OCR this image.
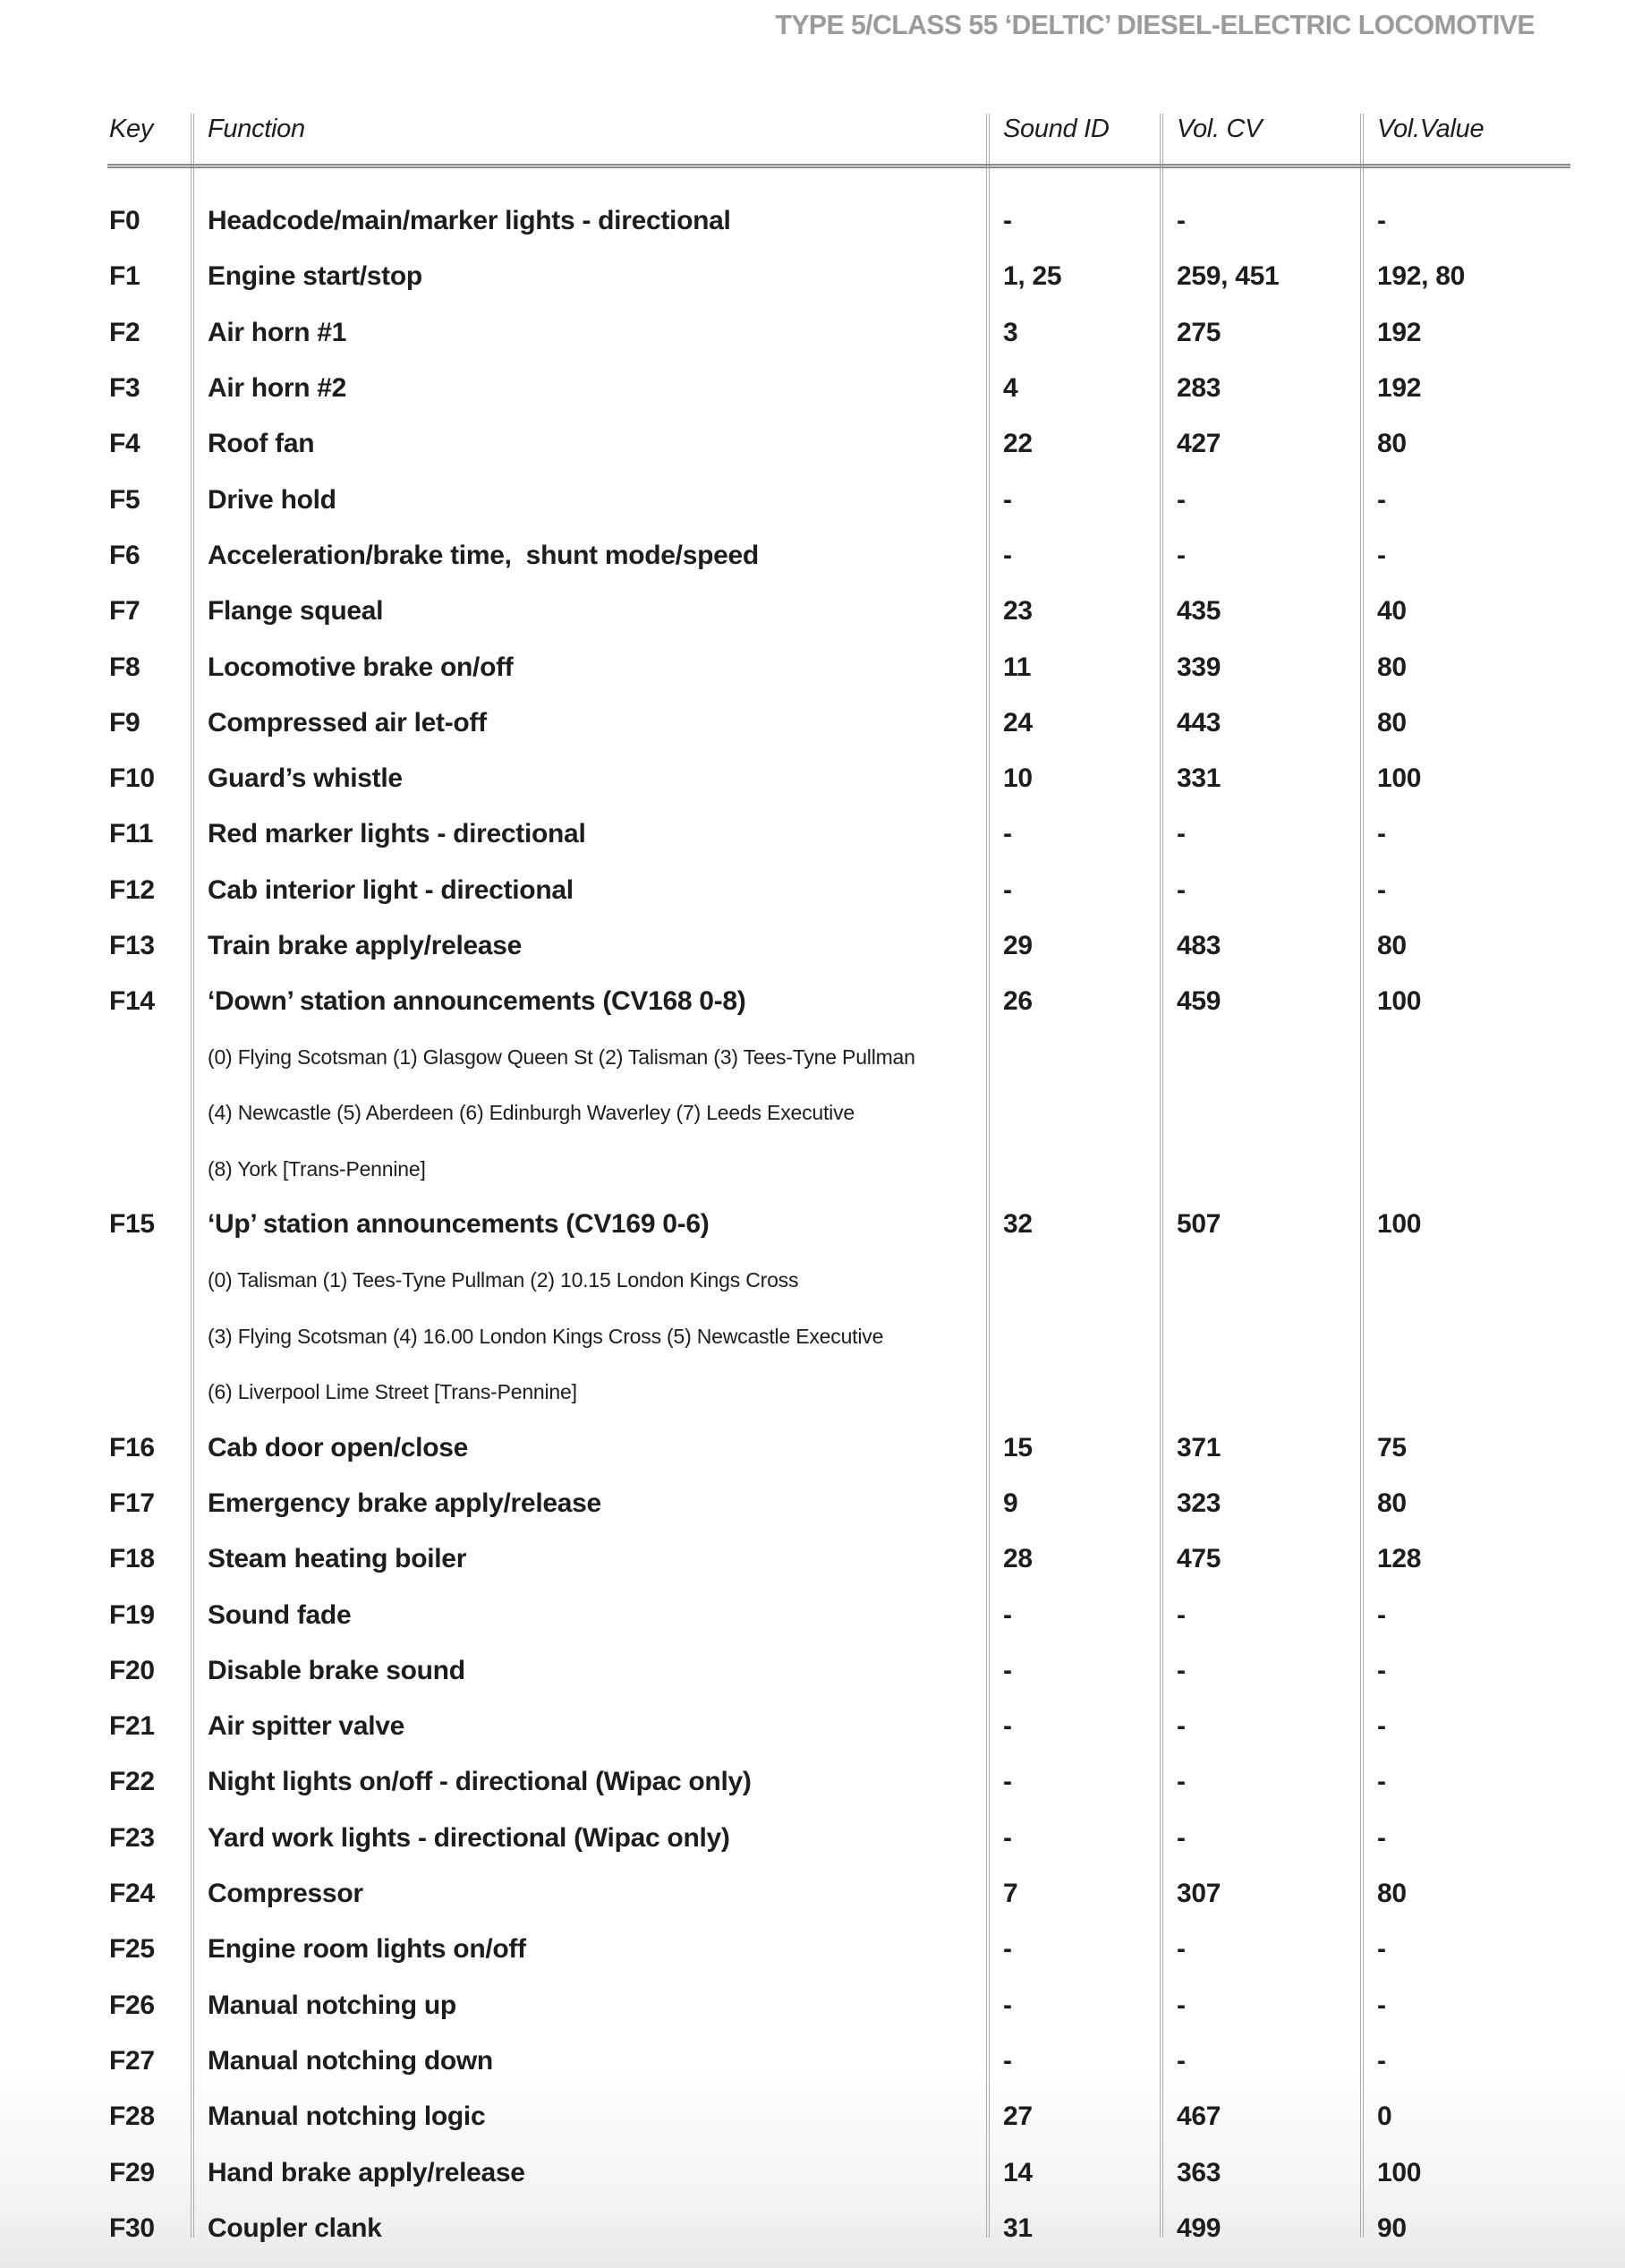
TYPE 5/CLASS 55 ‘DELTIC’ DIESEL-ELECTRIC LOCOMOTIVE
Key	Function	Sound ID	Vol. CV	Vol.Value
F0	Headcode/main/marker lights - directional	-	-	-
F1	Engine start/stop	1, 25	259, 451	192, 80
F2	Air horn #1	3	275	192
F3	Air horn #2	4	283	192
F4	Roof fan	22	427	80
F5	Drive hold	-	-	-
F6	Acceleration/brake time,  shunt mode/speed	-	-	-
F7	Flange squeal	23	435	40
F8	Locomotive brake on/off	11	339	80
F9	Compressed air let-off	24	443	80
F10	Guard’s whistle	10	331	100
F11	Red marker lights - directional	-	-	-
F12	Cab interior light - directional	-	-	-
F13	Train brake apply/release	29	483	80
F14	‘Down’ station announcements (CV168 0-8)	26	459	100
(0) Flying Scotsman (1) Glasgow Queen St (2) Talisman (3) Tees-Tyne Pullman
(4) Newcastle (5) Aberdeen (6) Edinburgh Waverley (7) Leeds Executive
(8) York [Trans-Pennine]
F15	‘Up’ station announcements (CV169 0-6)	32	507	100
(0) Talisman (1) Tees-Tyne Pullman (2) 10.15 London Kings Cross
(3) Flying Scotsman (4) 16.00 London Kings Cross (5) Newcastle Executive
(6) Liverpool Lime Street [Trans-Pennine]
F16	Cab door open/close	15	371	75
F17	Emergency brake apply/release	9	323	80
F18	Steam heating boiler	28	475	128
F19	Sound fade	-	-	-
F20	Disable brake sound	-	-	-
F21	Air spitter valve	-	-	-
F22	Night lights on/off - directional (Wipac only)	-	-	-
F23	Yard work lights - directional (Wipac only)	-	-	-
F24	Compressor	7	307	80
F25	Engine room lights on/off	-	-	-
F26	Manual notching up	-	-	-
F27	Manual notching down	-	-	-
F28	Manual notching logic	27	467	0
F29	Hand brake apply/release	14	363	100
F30	Coupler clank	31	499	90
